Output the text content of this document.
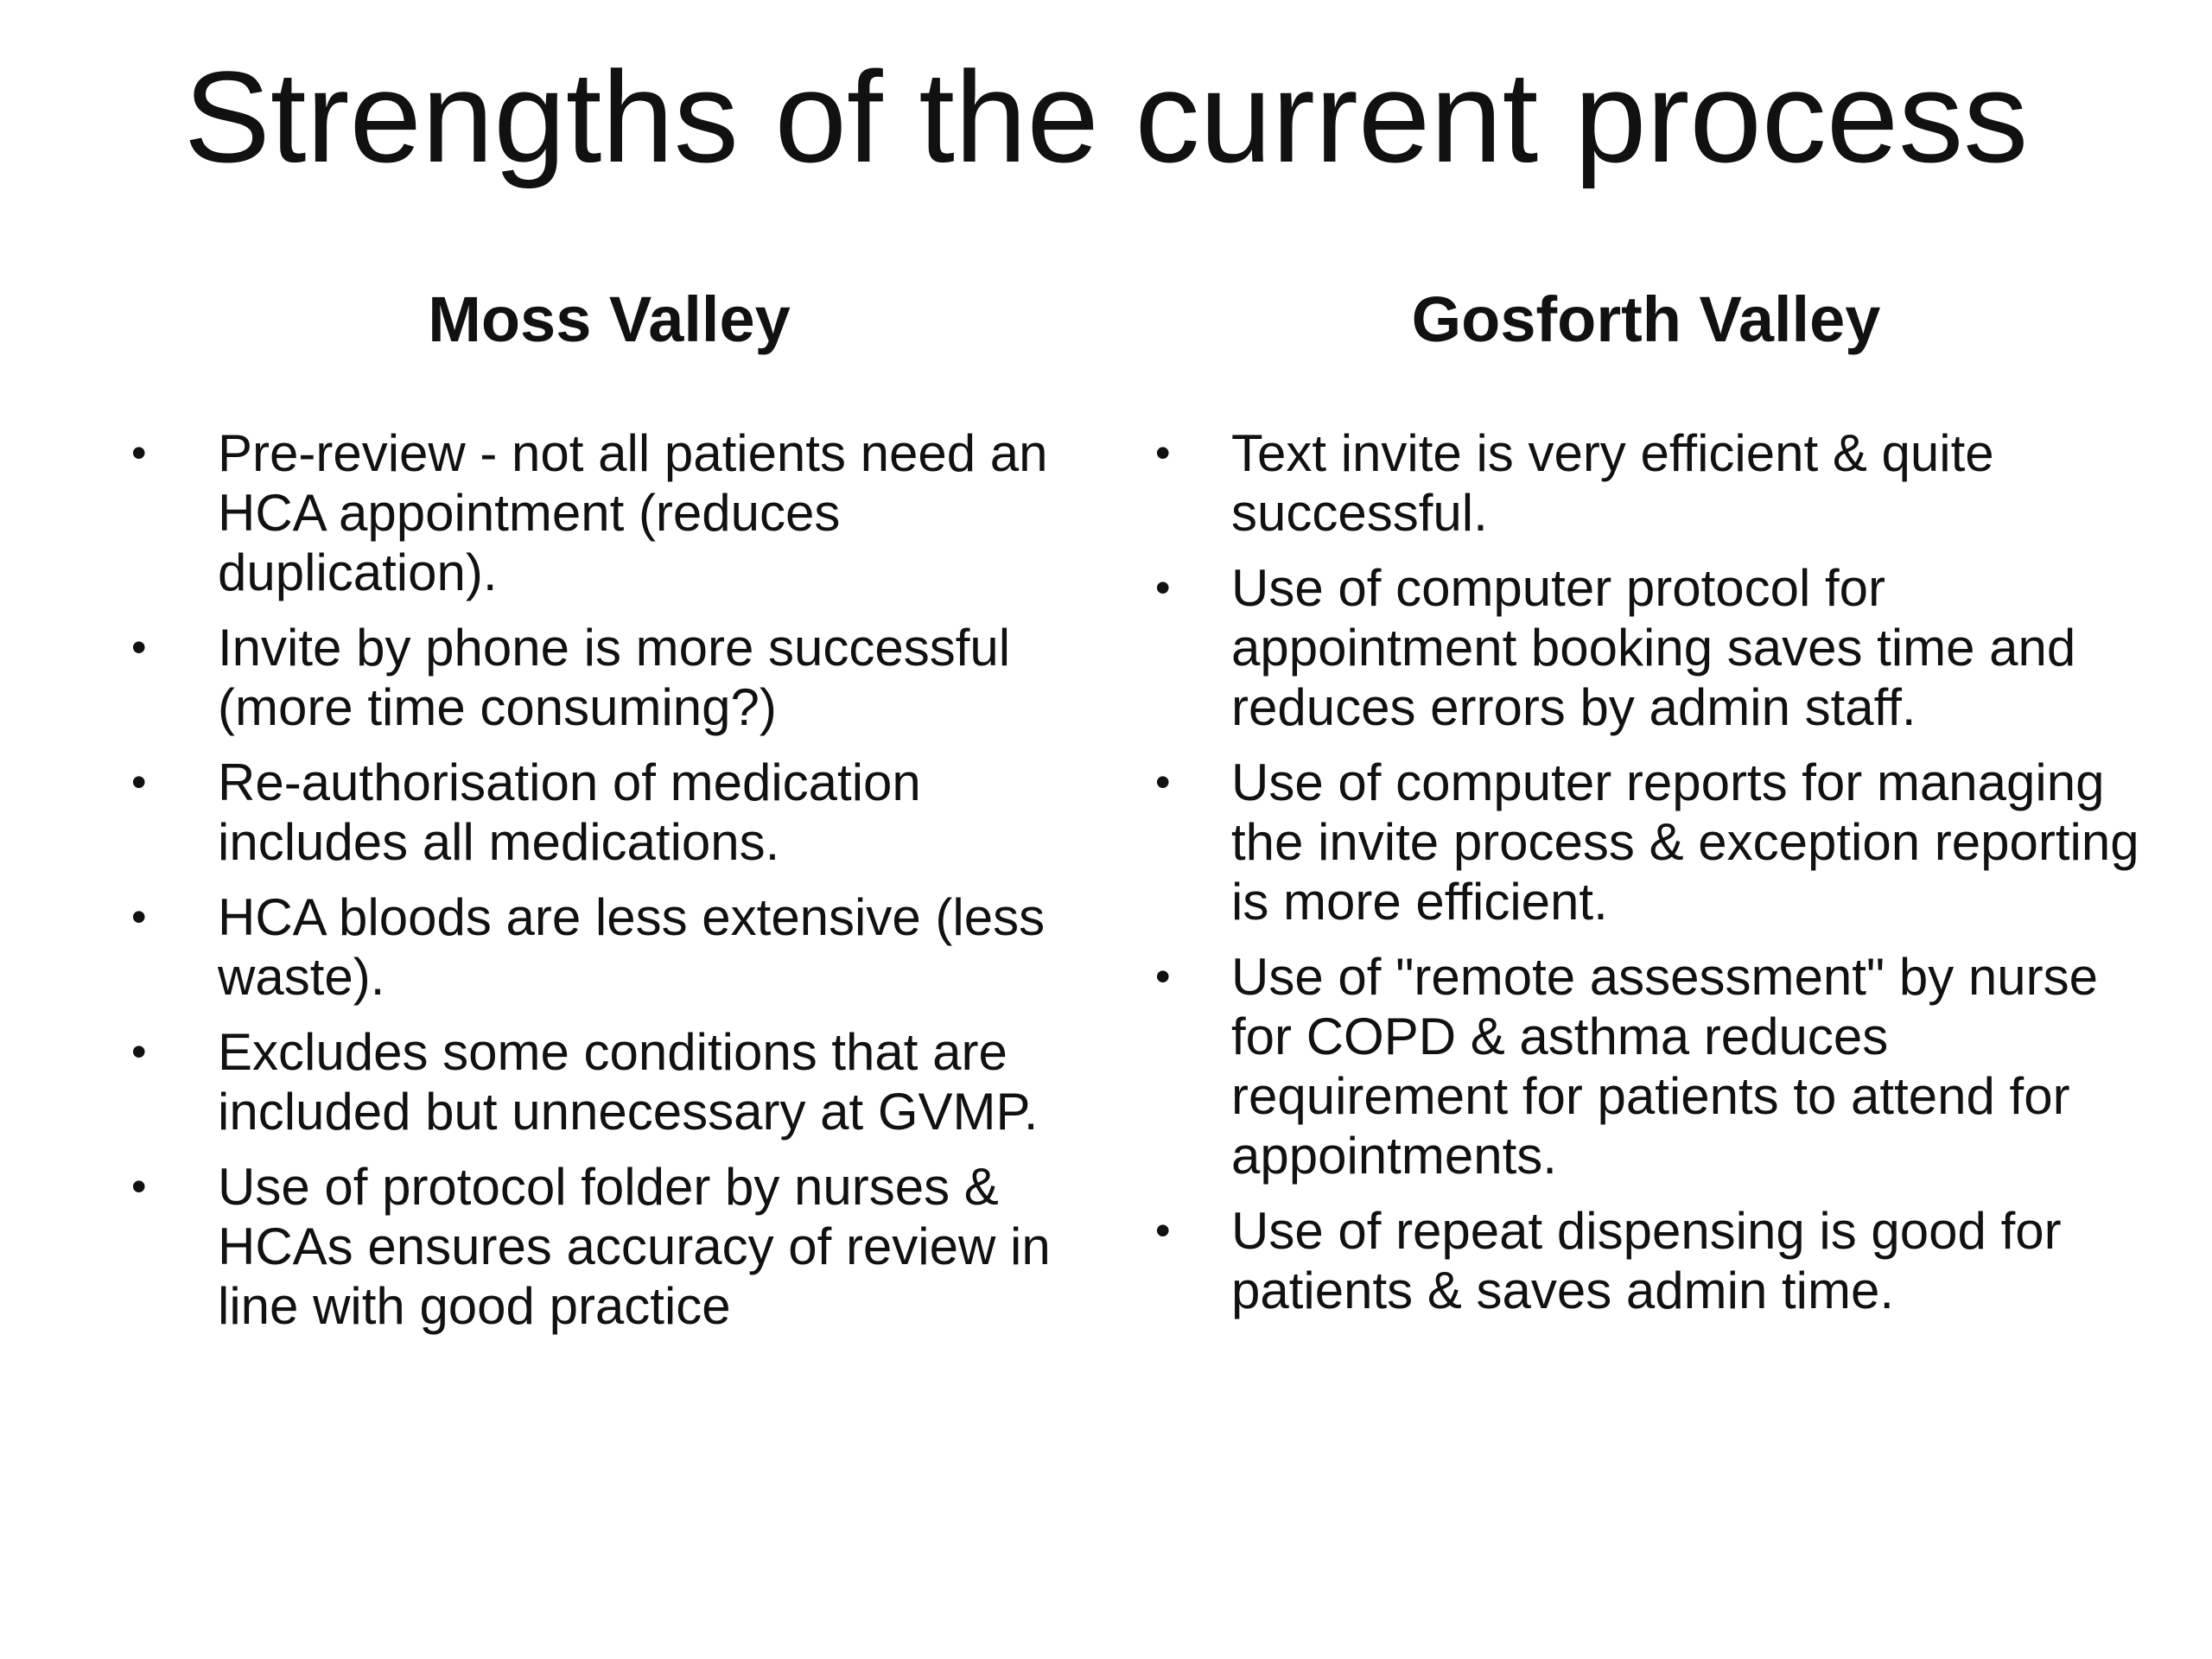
Strengths of the current process
Moss Valley
• Pre-review - not all patients need an HCA appointment (reduces duplication).
• Invite by phone is more successful (more time consuming?)
• Re-authorisation of medication includes all medications.
• HCA bloods are less extensive (less waste).
• Excludes some conditions that are included but unnecessary at GVMP.
• Use of protocol folder by nurses & HCAs ensures accuracy of review in line with good practice
Gosforth Valley
• Text invite is very efficient & quite successful.
• Use of computer protocol for appointment booking saves time and reduces errors by admin staff.
• Use of computer reports for managing the invite process & exception reporting is more efficient.
• Use of "remote assessment" by nurse for COPD & asthma reduces requirement for patients to attend for appointments.
• Use of repeat dispensing is good for patients & saves admin time.
